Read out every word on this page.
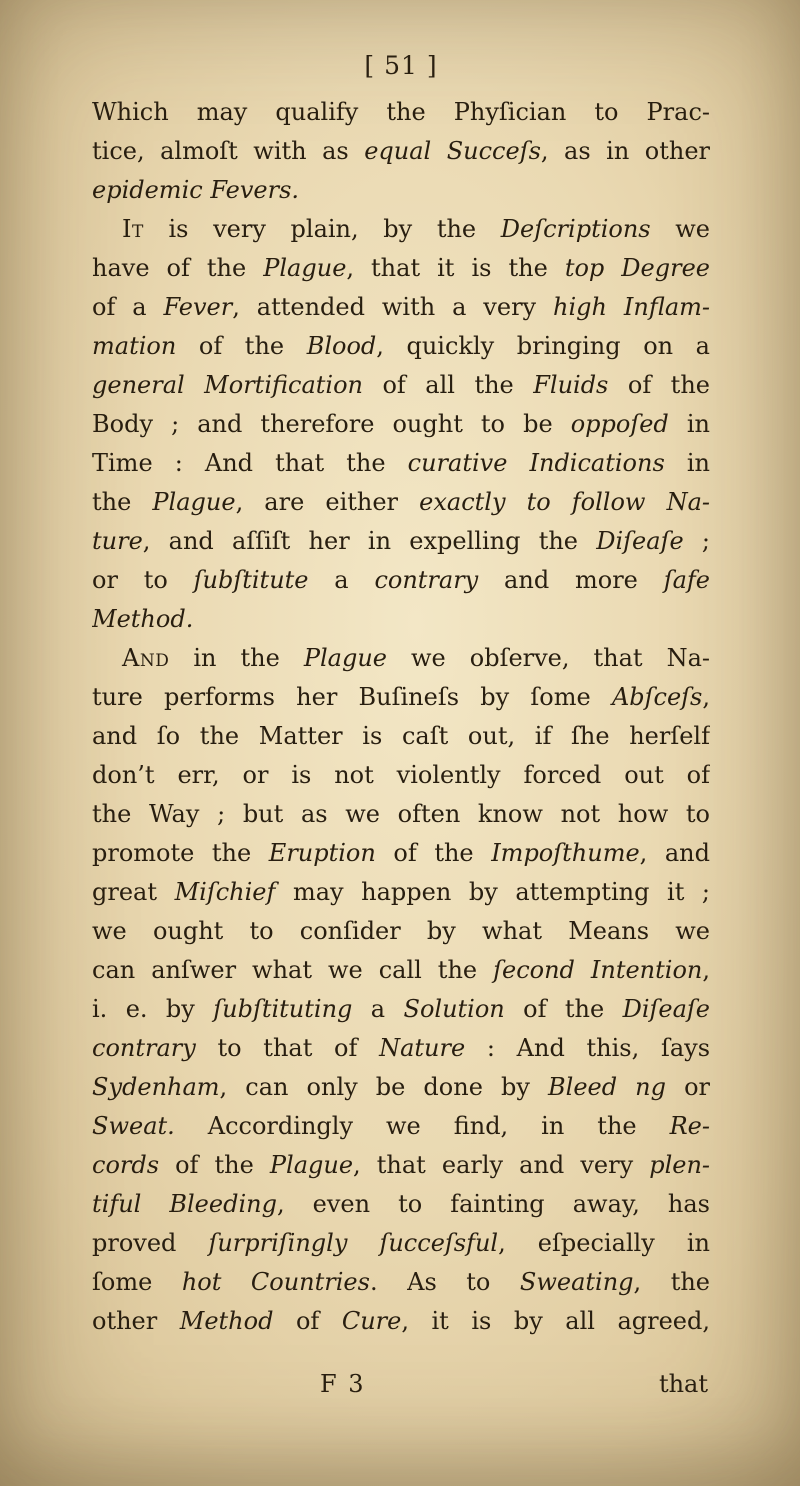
[ 51 ]
Which may qualify the Phyſician to Prac-
tice, almoſt with as equal Succeſs, as in other
epidemic Fevers.
It is very plain, by the Deſcriptions we
have of the Plague, that it is the top Degree
of a Fever, attended with a very high Inflam-
mation of the Blood, quickly bringing on a
general Mortification of all the Fluids of the
Body ; and therefore ought to be oppoſed in
Time : And that the curative Indications in
the Plague, are either exactly to follow Na-
ture, and aſſiſt her in expelling the Diſeaſe ;
or to ſubſtitute a contrary and more ſafe
Method.
And in the Plague we obſerve, that Na-
ture performs her Buſineſs by ſome Abſceſs,
and ſo the Matter is caſt out, if ſhe herſelf
don’t err, or is not violently forced out of
the Way ; but as we often know not how to
promote the Eruption of the Impoſthume, and
great Miſchief may happen by attempting it ;
we ought to conſider by what Means we
can anſwer what we call the ſecond Intention,
i. e. by ſubſtituting a Solution of the Diſeaſe
contrary to that of Nature : And this, ſays
Sydenham, can only be done by Bleed ng or
Sweat. Accordingly we find, in the Re-
cords of the Plague, that early and very plen-
tiful Bleeding, even to fainting away, has
proved ſurpriſingly ſucceſsful, eſpecially in
ſome hot Countries. As to Sweating, the
other Method of Cure, it is by all agreed,
F 3	that
